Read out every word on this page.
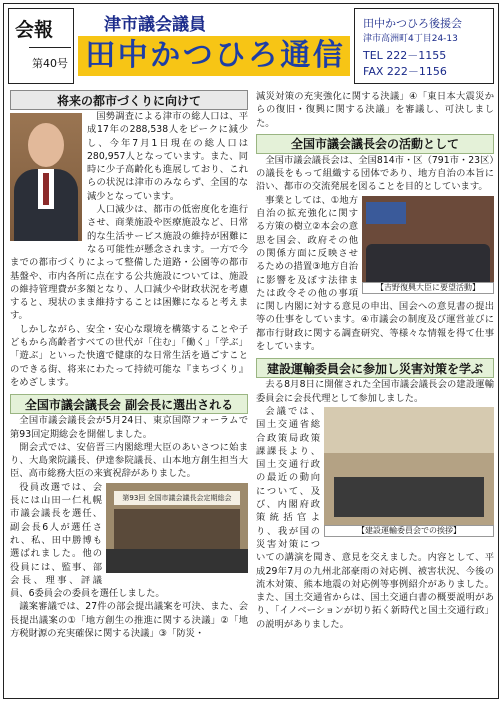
会報
第40号
津市議会議員
田 中 か つ ひ ろ 通 信
田中かつひろ後援会
津市高洲町4丁目24-13
TEL 222－1155
FAX 222－1156
将来の都市づくりに向けて

国勢調査による津市の総人口は、平成17年の288,538人をピークに減少し、今年7月1日現在の総人口は280,957人となっています。また、同時に少子高齢化も進展しており、これらの状況は津市のみならず、全国的な減少となっています。

人口減少は、都市の低密度化を進行させ、商業施設や医療施設など、日常的な生活サービス施設の維持が困難になる可能性が懸念されます。一方で今までの都市づくりによって整備した道路・公園等の都市基盤や、市内各所に点在する公共施設については、施設の維持管理費が多額となり、人口減少や財政状況を考慮すると、現状のまま維持することは困難になると考えます。

しかしながら、安全・安心な環境を構築することや子どもから高齢者すべての世代が「住む」「働く」「学ぶ」「遊ぶ」といった快適で健康的な日常生活を過ごすことのできる街、将来にわたって持続可能な『まちづくり』をめざします。

全国市議会議長会 副会長に選出される

全国市議会議長会が5月24日、東京国際フォーラムで第93回定期総会を開催しました。

開会式では、安倍晋三内閣総理大臣のあいさつに始まり、大島衆院議長、伊達参院議長、山本地方創生担当大臣、高市総務大臣の来賓祝辞がありました。

第93回 全国市議会議長会定期総会

役員改選では、会長には山田一仁札幌市議会議長を選任、副会長6人が選任され、私、田中勝博も選ばれました。他の役員には、監事、部会長、理事、評議員、6委員会の委員を選任しました。

議案審議では、27件の部会提出議案を可決、また、会長提出議案の①「地方創生の推進に関する決議」②「地方税財源の充実確保に関する決議」③「防災・

減災対策の充実強化に関する決議」④「東日本大震災からの復旧・復興に関する決議」を審議し、可決しました。

全国市議会議長会の活動として

全国市議会議長会は、全国814市・区（791市・23区）の議長をもって組織する団体であり、地方自治の本旨に沿い、都市の交流発展を図ることを目的としています。

【吉野復興大臣に要望活動】

事業としては、①地方自治の拡充強化に関する方策の樹立②本会の意思を国会、政府その他の関係方面に反映させるための措置③地方自治に影響を及ぼす法律または政令その他の事項に関し内閣に対する意見の申出、国会への意見書の提出等の仕事をしています。④市議会の制度及び運営並びに都市行財政に関する調査研究、等様々な情報を得て仕事をしています。

建設運輸委員会に参加し災害対策を学ぶ

去る8月8日に開催された全国市議会議長会の建設運輸委員会に会長代理として参加しました。

【建設運輸委員会での挨拶】

会議では、国土交通省総合政策局政策課課長より、国土交通行政の最近の動向について、及び、内閣府政策統括官より、我が国の災害対策についての講演を聞き、意見を交えました。内容として、平成29年7月の九州北部豪雨の対応例、被害状況、今後の流木対策、熊本地震の対応例等事例紹介がありました。また、国土交通省からは、国土交通白書の概要説明があり、「イノベーションが切り拓く新時代と国土交通行政」の説明がありました。
